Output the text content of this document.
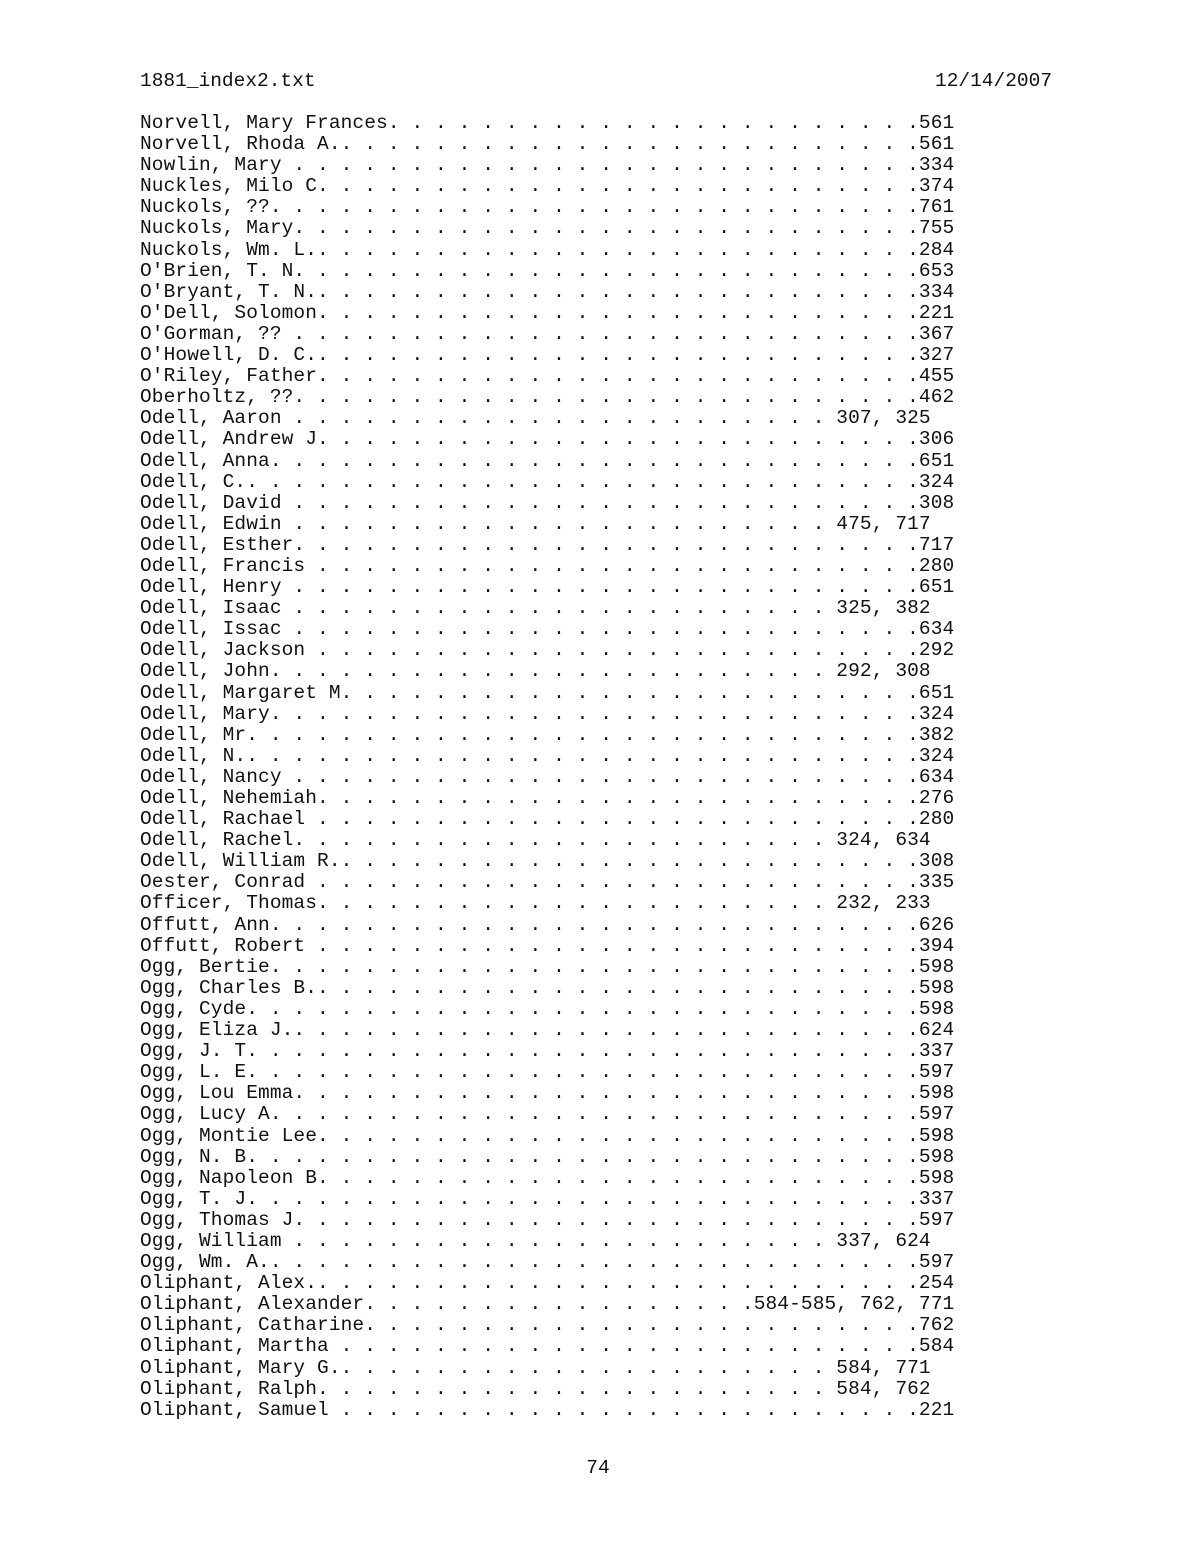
1881_index2.txt	12/14/2007
Norvell, Mary Frances. . . . . . . . . . . . . . . . . . . . . . .561
Norvell, Rhoda A.. . . . . . . . . . . . . . . . . . . . . . . . .561
Nowlin, Mary . . . . . . . . . . . . . . . . . . . . . . . . . . .334
Nuckles, Milo C. . . . . . . . . . . . . . . . . . . . . . . . . .374
Nuckols, ??. . . . . . . . . . . . . . . . . . . . . . . . . . . .761
Nuckols, Mary. . . . . . . . . . . . . . . . . . . . . . . . . . .755
Nuckols, Wm. L.. . . . . . . . . . . . . . . . . . . . . . . . . .284
O'Brien, T. N. . . . . . . . . . . . . . . . . . . . . . . . . . .653
O'Bryant, T. N.. . . . . . . . . . . . . . . . . . . . . . . . . .334
O'Dell, Solomon. . . . . . . . . . . . . . . . . . . . . . . . . .221
O'Gorman, ?? . . . . . . . . . . . . . . . . . . . . . . . . . . .367
O'Howell, D. C.. . . . . . . . . . . . . . . . . . . . . . . . . .327
O'Riley, Father. . . . . . . . . . . . . . . . . . . . . . . . . .455
Oberholtz, ??. . . . . . . . . . . . . . . . . . . . . . . . . . .462
Odell, Aaron . . . . . . . . . . . . . . . . . . . . . . . 307, 325
Odell, Andrew J. . . . . . . . . . . . . . . . . . . . . . . . . .306
Odell, Anna. . . . . . . . . . . . . . . . . . . . . . . . . . . .651
Odell, C.. . . . . . . . . . . . . . . . . . . . . . . . . . . . .324
Odell, David . . . . . . . . . . . . . . . . . . . . . . . . . . .308
Odell, Edwin . . . . . . . . . . . . . . . . . . . . . . . 475, 717
Odell, Esther. . . . . . . . . . . . . . . . . . . . . . . . . . .717
Odell, Francis . . . . . . . . . . . . . . . . . . . . . . . . . .280
Odell, Henry . . . . . . . . . . . . . . . . . . . . . . . . . . .651
Odell, Isaac . . . . . . . . . . . . . . . . . . . . . . . 325, 382
Odell, Issac . . . . . . . . . . . . . . . . . . . . . . . . . . .634
Odell, Jackson . . . . . . . . . . . . . . . . . . . . . . . . . .292
Odell, John. . . . . . . . . . . . . . . . . . . . . . . . 292, 308
Odell, Margaret M. . . . . . . . . . . . . . . . . . . . . . . . .651
Odell, Mary. . . . . . . . . . . . . . . . . . . . . . . . . . . .324
Odell, Mr. . . . . . . . . . . . . . . . . . . . . . . . . . . . .382
Odell, N.. . . . . . . . . . . . . . . . . . . . . . . . . . . . .324
Odell, Nancy . . . . . . . . . . . . . . . . . . . . . . . . . . .634
Odell, Nehemiah. . . . . . . . . . . . . . . . . . . . . . . . . .276
Odell, Rachael . . . . . . . . . . . . . . . . . . . . . . . . . .280
Odell, Rachel. . . . . . . . . . . . . . . . . . . . . . . 324, 634
Odell, William R.. . . . . . . . . . . . . . . . . . . . . . . . .308
Oester, Conrad . . . . . . . . . . . . . . . . . . . . . . . . . .335
Officer, Thomas. . . . . . . . . . . . . . . . . . . . . . 232, 233
Offutt, Ann. . . . . . . . . . . . . . . . . . . . . . . . . . . .626
Offutt, Robert . . . . . . . . . . . . . . . . . . . . . . . . . .394
Ogg, Bertie. . . . . . . . . . . . . . . . . . . . . . . . . . . .598
Ogg, Charles B.. . . . . . . . . . . . . . . . . . . . . . . . . .598
Ogg, Cyde. . . . . . . . . . . . . . . . . . . . . . . . . . . . .598
Ogg, Eliza J.. . . . . . . . . . . . . . . . . . . . . . . . . . .624
Ogg, J. T. . . . . . . . . . . . . . . . . . . . . . . . . . . . .337
Ogg, L. E. . . . . . . . . . . . . . . . . . . . . . . . . . . . .597
Ogg, Lou Emma. . . . . . . . . . . . . . . . . . . . . . . . . . .598
Ogg, Lucy A. . . . . . . . . . . . . . . . . . . . . . . . . . . .597
Ogg, Montie Lee. . . . . . . . . . . . . . . . . . . . . . . . . .598
Ogg, N. B. . . . . . . . . . . . . . . . . . . . . . . . . . . . .598
Ogg, Napoleon B. . . . . . . . . . . . . . . . . . . . . . . . . .598
Ogg, T. J. . . . . . . . . . . . . . . . . . . . . . . . . . . . .337
Ogg, Thomas J. . . . . . . . . . . . . . . . . . . . . . . . . . .597
Ogg, William . . . . . . . . . . . . . . . . . . . . . . . 337, 624
Ogg, Wm. A.. . . . . . . . . . . . . . . . . . . . . . . . . . . .597
Oliphant, Alex.. . . . . . . . . . . . . . . . . . . . . . . . . .254
Oliphant, Alexander. . . . . . . . . . . . . . . . .584-585, 762, 771
Oliphant, Catharine. . . . . . . . . . . . . . . . . . . . . . . .762
Oliphant, Martha . . . . . . . . . . . . . . . . . . . . . . . . .584
Oliphant, Mary G.. . . . . . . . . . . . . . . . . . . . . 584, 771
Oliphant, Ralph. . . . . . . . . . . . . . . . . . . . . . 584, 762
Oliphant, Samuel . . . . . . . . . . . . . . . . . . . . . . . . .221
74
